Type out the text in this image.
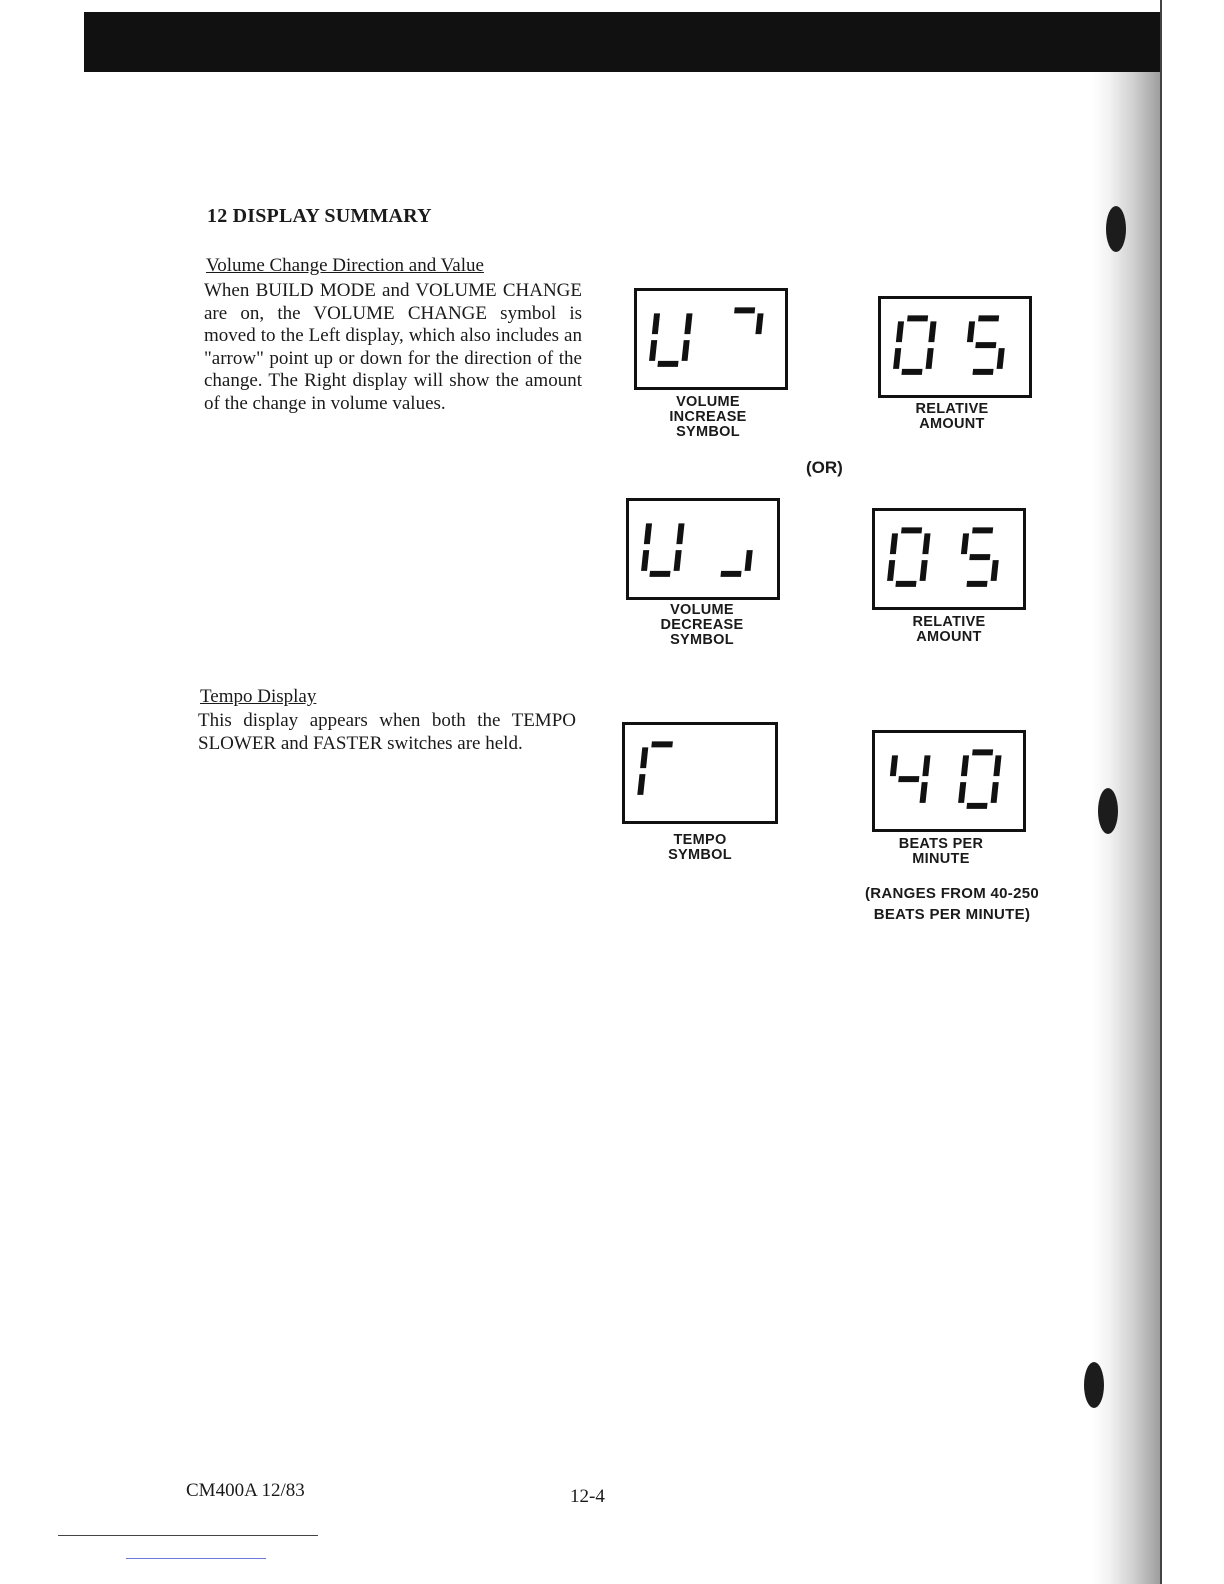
12 DISPLAY SUMMARY
Volume Change Direction and Value

When BUILD MODE and VOLUME CHANGE are on, the VOLUME CHANGE symbol is moved to the Left display, which also includes an "arrow" point up or down for the direction of the change. The Right display will show the amount of the change in volume values.	VOLUME
INCREASE
SYMBOL
RELATIVE
AMOUNT
(OR)
VOLUME
DECREASE
SYMBOL
RELATIVE
AMOUNT
Tempo Display

This display appears when both the TEMPO SLOWER and FASTER switches are held.

TEMPO
SYMBOL
BEATS PER
MINUTE
(RANGES FROM 40-250
BEATS PER MINUTE)
CM400A 12/83	12-4
